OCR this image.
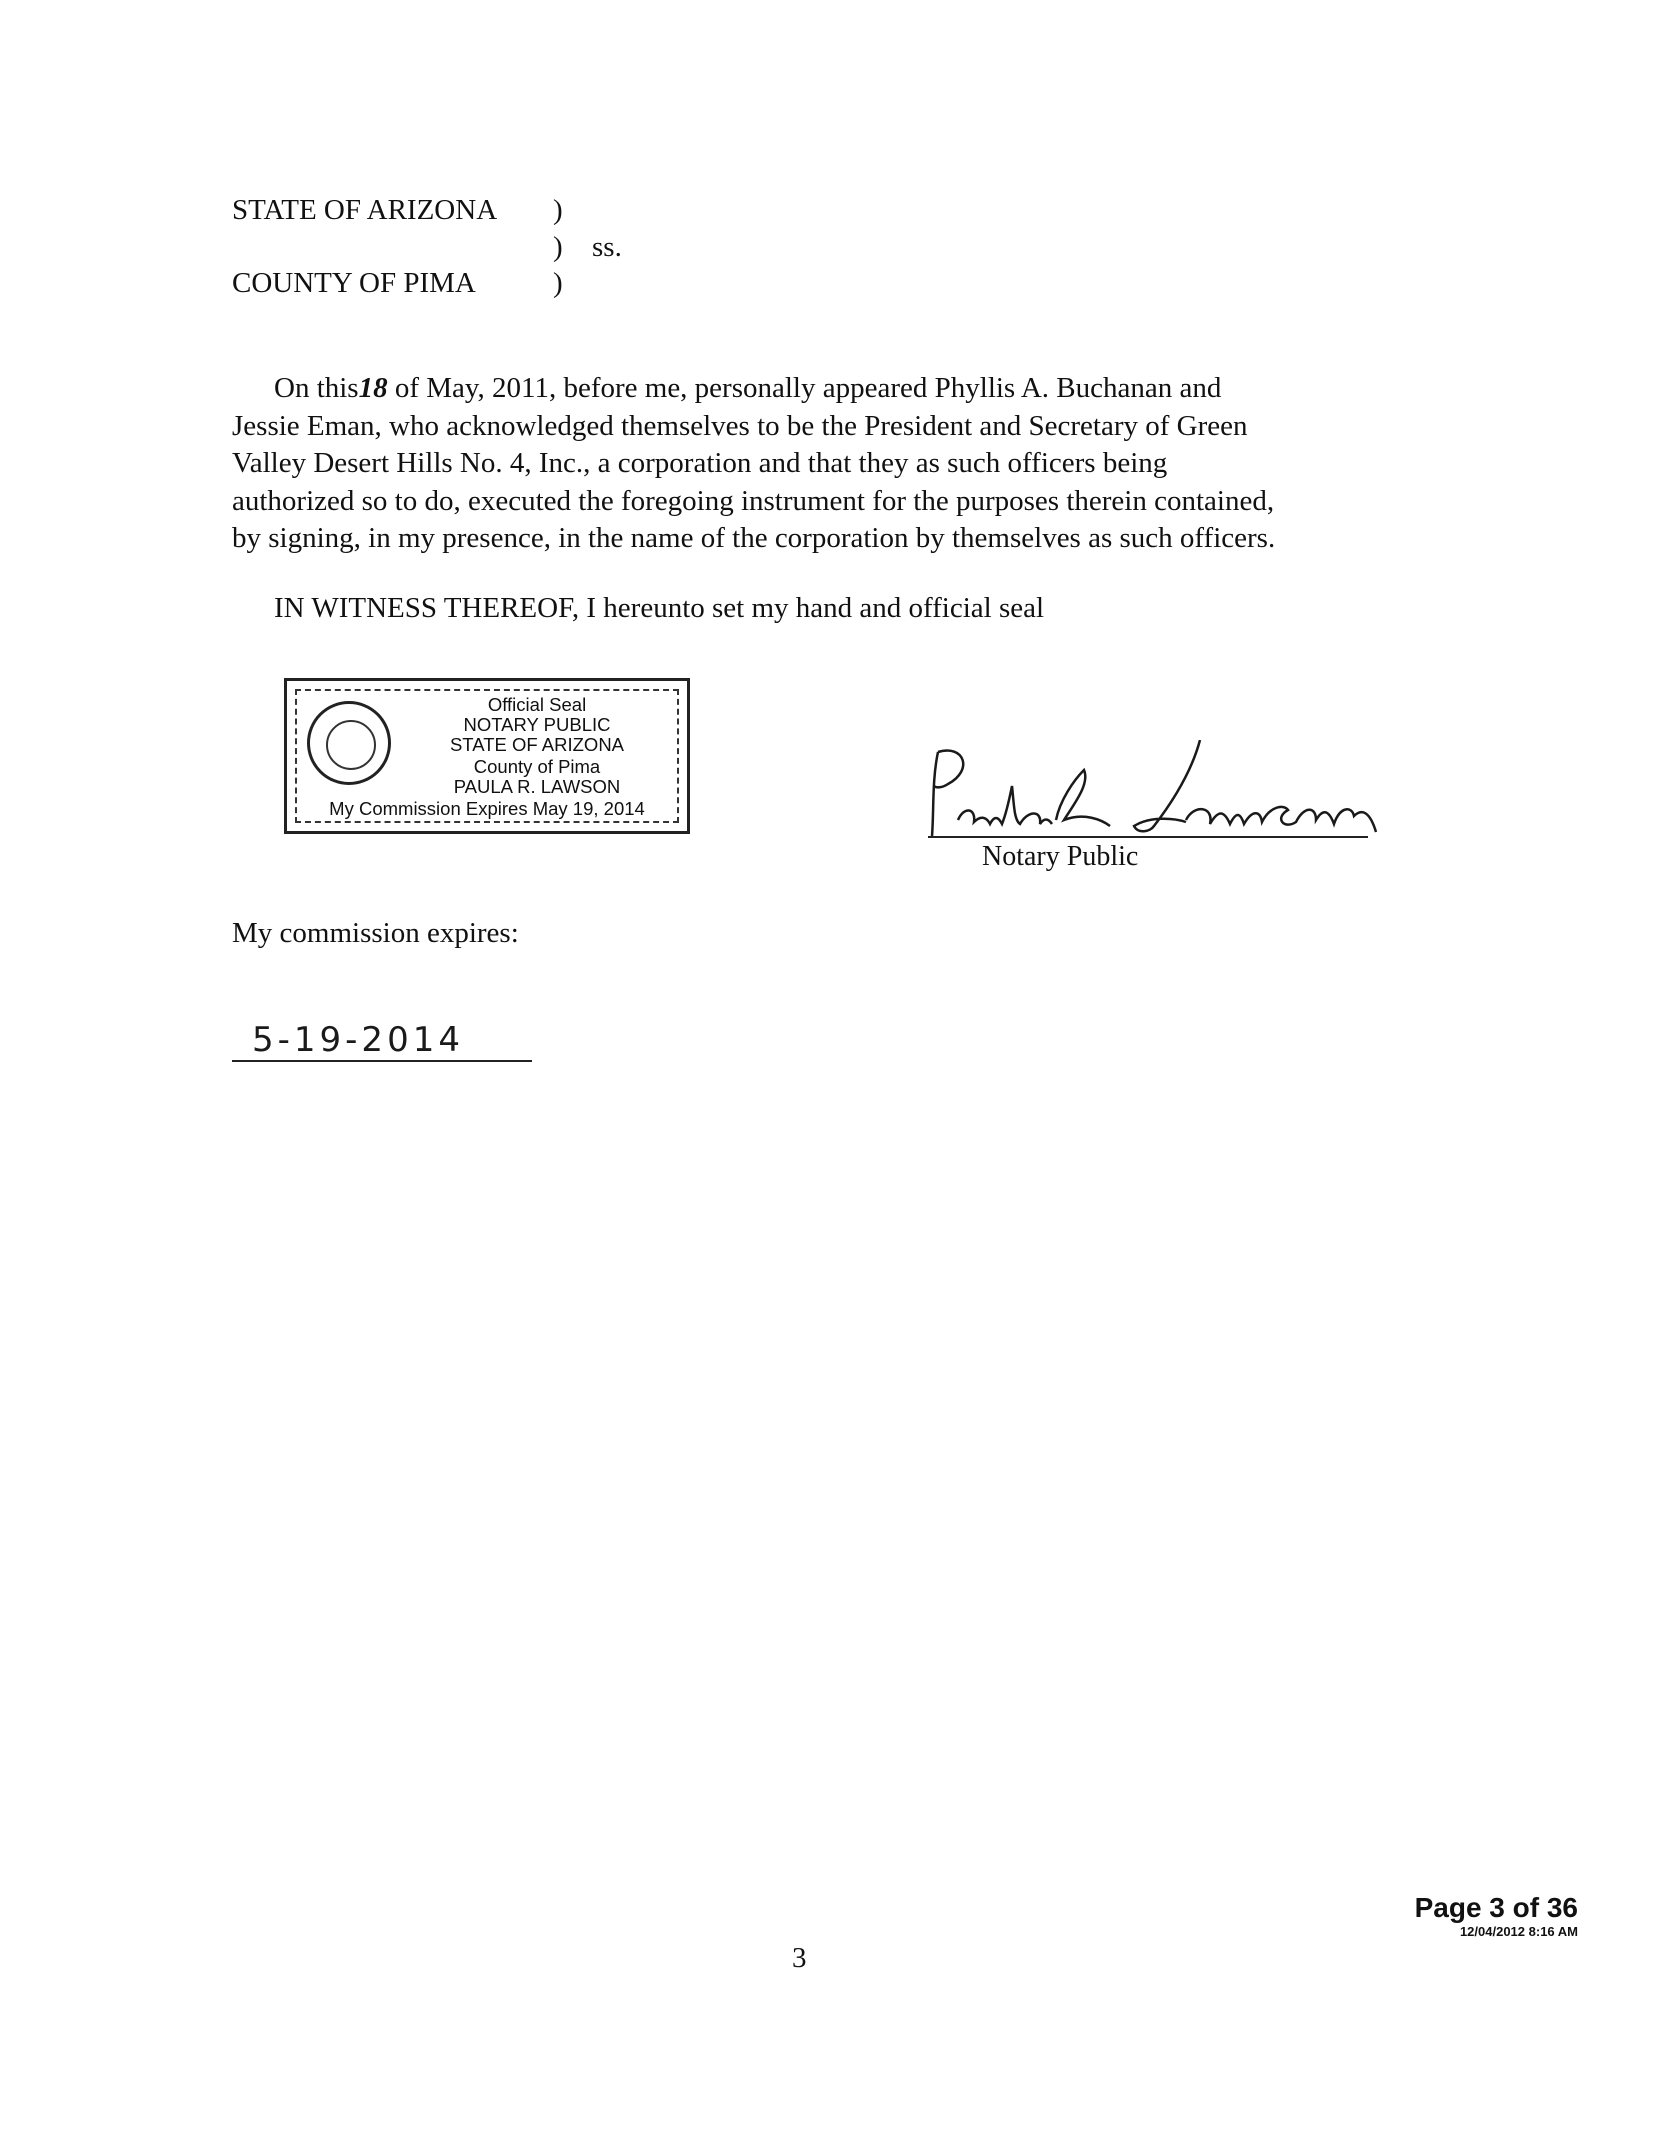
STATE OF ARIZONA )
) ss.
COUNTY OF PIMA	)

On this18 of May, 2011, before me, personally appeared Phyllis A. Buchanan and

Jessie Eman, who acknowledged themselves to be the President and Secretary of Green

Valley Desert Hills No. 4, Inc., a corporation and that they as such officers being

authorized so to do, executed the foregoing instrument for the purposes therein contained,

by signing, in my presence, in the name of the corporation by themselves as such officers.

IN WITNESS THEREOF, I hereunto set my hand and official seal
Official Seal
NOTARY PUBLIC
STATE OF ARIZONA
County of Pima
PAULA R. LAWSON
My Commission Expires May 19, 2014
Notary Public
My commission expires:
5-19-2014
3
Page 3 of 36
12/04/2012 8:16 AM
